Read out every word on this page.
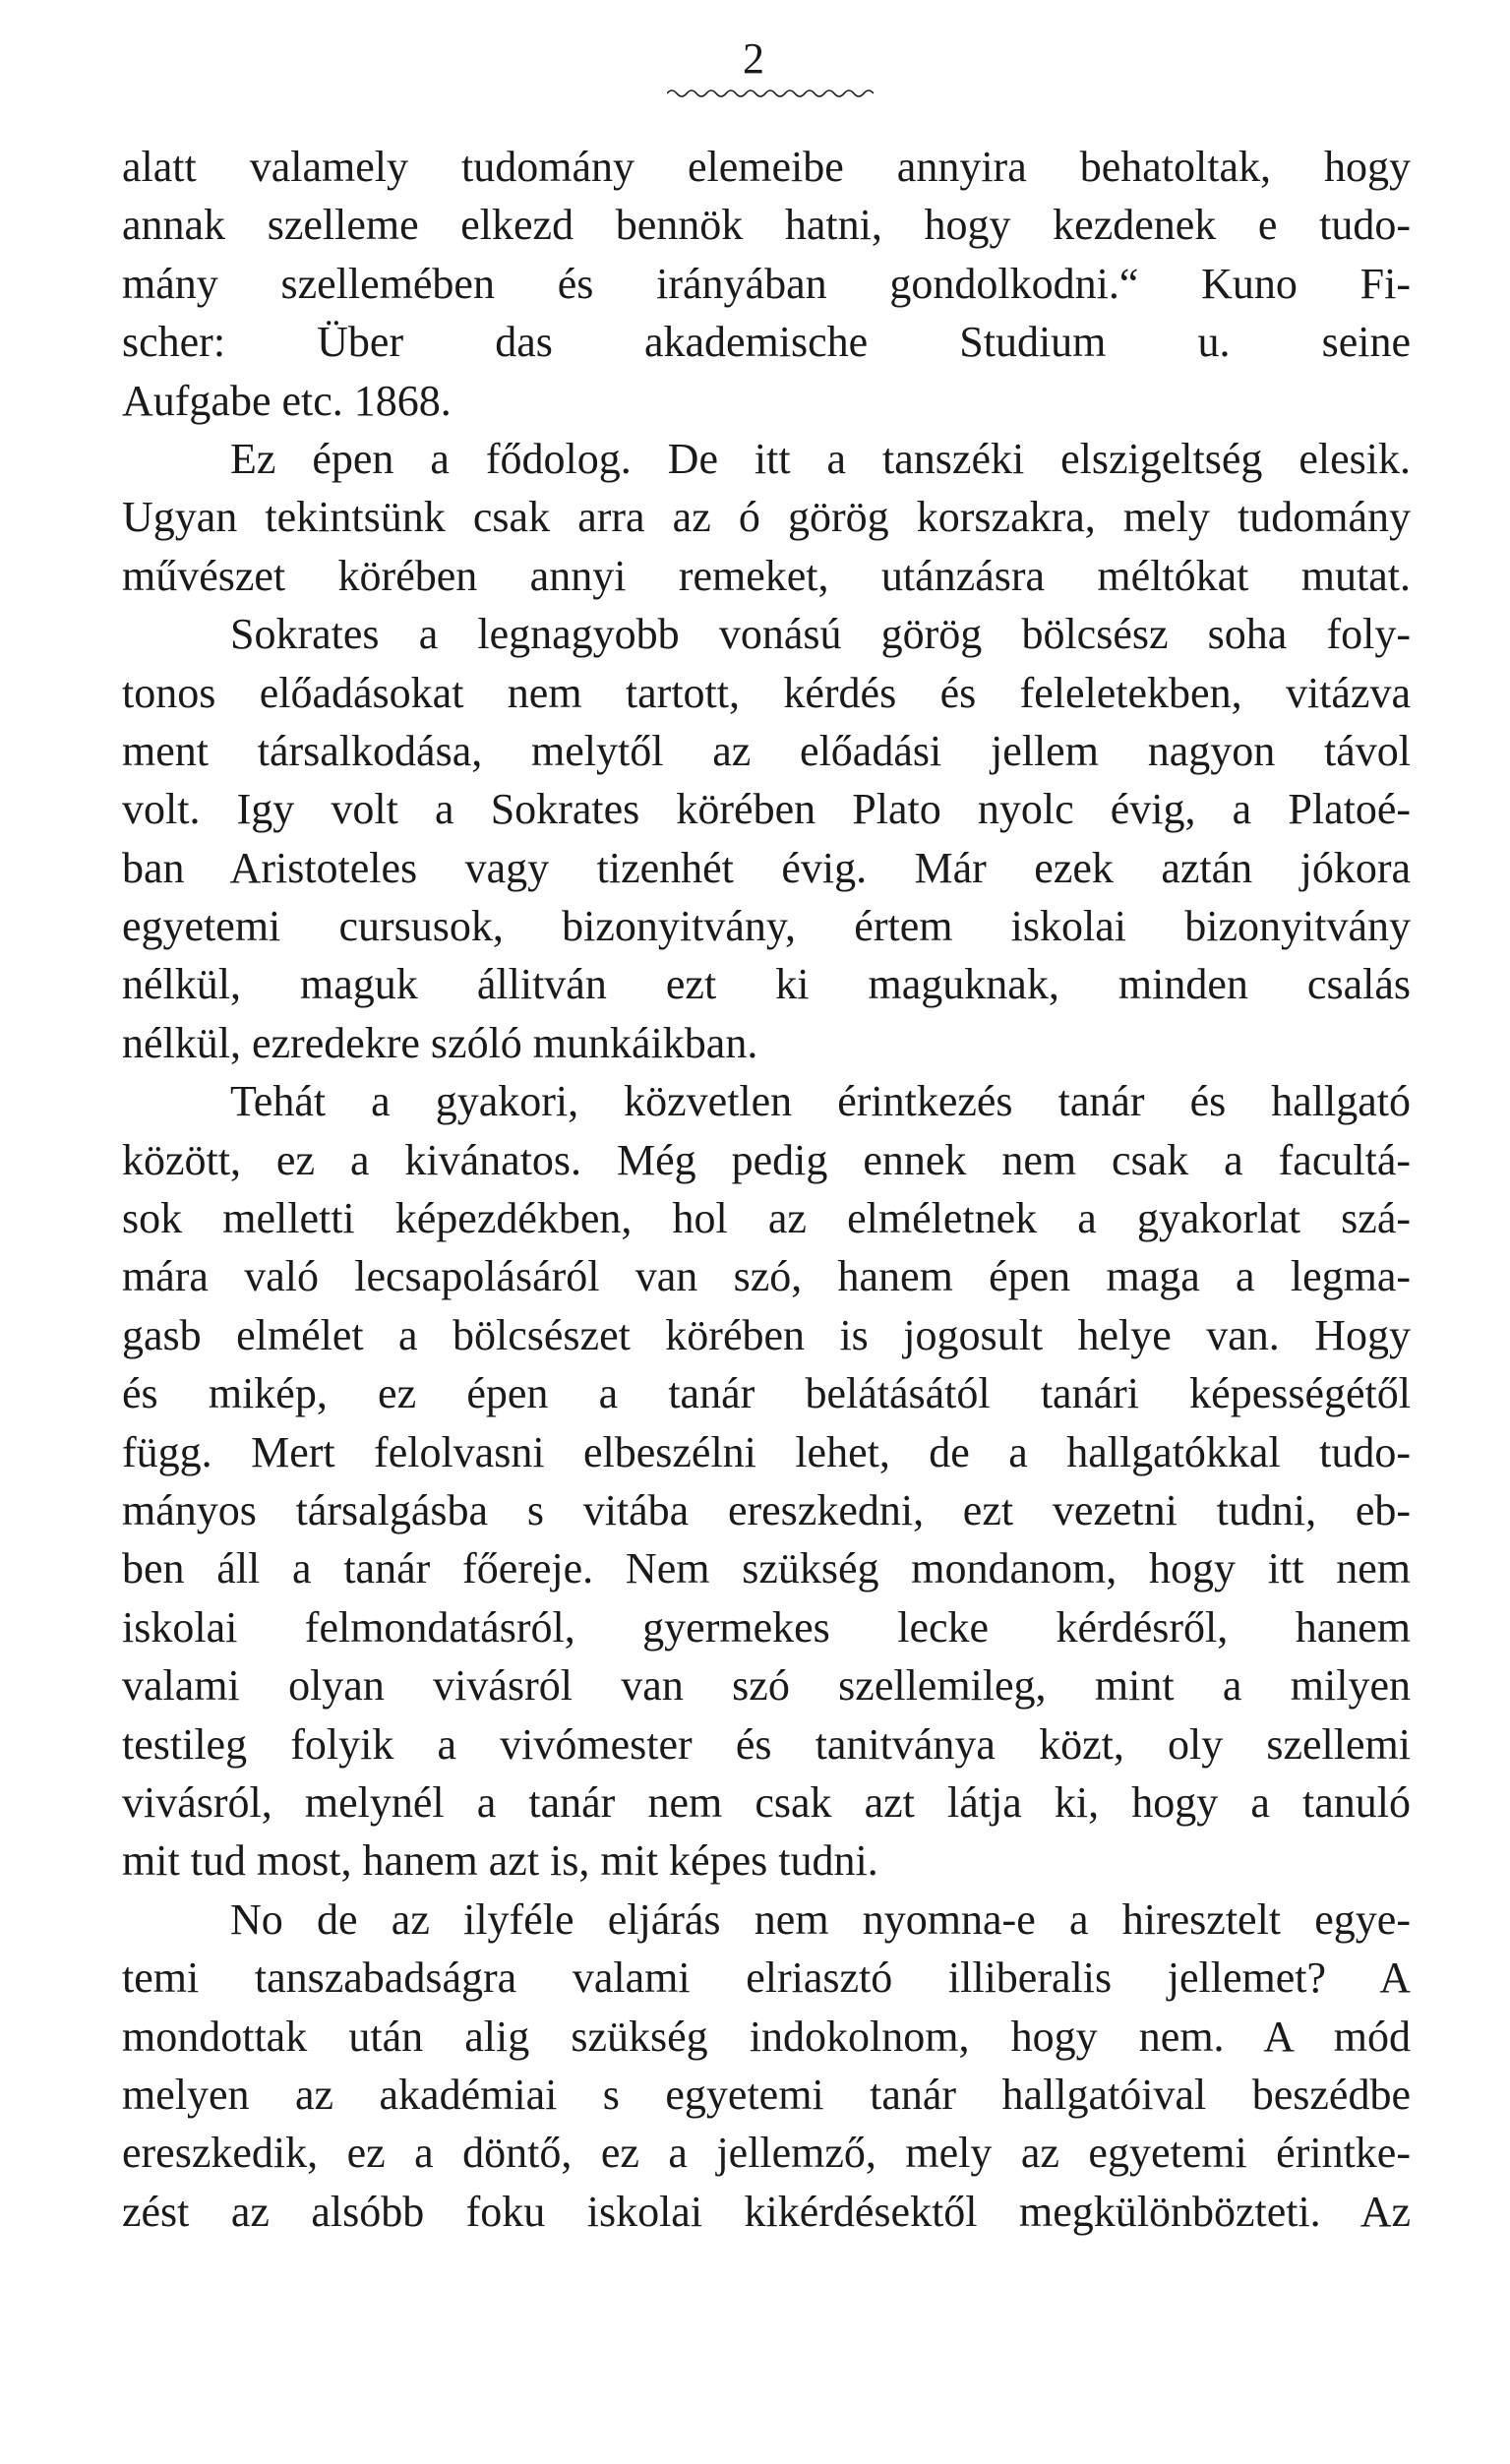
2
alatt valamely tudomány elemeibe annyira behatoltak, hogy
annak szelleme elkezd bennök hatni, hogy kezdenek e tudo-
mány szellemében és irányában gondolkodni.“ Kuno Fi-
scher: Über das akademische Studium u. seine
Aufgabe etc. 1868.
Ez épen a fődolog. De itt a tanszéki elszigeltség elesik.
Ugyan tekintsünk csak arra az ó görög korszakra, mely tudomány
művészet körében annyi remeket, utánzásra méltókat mutat.
Sokrates a legnagyobb vonású görög bölcsész soha foly-
tonos előadásokat nem tartott, kérdés és feleletekben, vitázva
ment társalkodása, melytől az előadási jellem nagyon távol
volt. Igy volt a Sokrates körében Plato nyolc évig, a Platoé-
ban Aristoteles vagy tizenhét évig. Már ezek aztán jókora
egyetemi cursusok, bizonyitvány, értem iskolai bizonyitvány
nélkül, maguk állitván ezt ki maguknak, minden csalás
nélkül, ezredekre szóló munkáikban.
Tehát a gyakori, közvetlen érintkezés tanár és hallgató
között, ez a kivánatos. Még pedig ennek nem csak a facultá-
sok melletti képezdékben, hol az elméletnek a gyakorlat szá-
mára való lecsapolásáról van szó, hanem épen maga a legma-
gasb elmélet a bölcsészet körében is jogosult helye van. Hogy
és mikép, ez épen a tanár belátásától tanári képességétől
függ. Mert felolvasni elbeszélni lehet, de a hallgatókkal tudo-
mányos társalgásba s vitába ereszkedni, ezt vezetni tudni, eb-
ben áll a tanár főereje. Nem szükség mondanom, hogy itt nem
iskolai felmondatásról, gyermekes lecke kérdésről, hanem
valami olyan vivásról van szó szellemileg, mint a milyen
testileg folyik a vivómester és tanitványa közt, oly szellemi
vivásról, melynél a tanár nem csak azt látja ki, hogy a tanuló
mit tud most, hanem azt is, mit képes tudni.
No de az ilyféle eljárás nem nyomna-e a hiresztelt egye-
temi tanszabadságra valami elriasztó illiberalis jellemet? A
mondottak után alig szükség indokolnom, hogy nem. A mód
melyen az akadémiai s egyetemi tanár hallgatóival beszédbe
ereszkedik, ez a döntő, ez a jellemző, mely az egyetemi érintke-
zést az alsóbb foku iskolai kikérdésektől megkülönbözteti. Az
